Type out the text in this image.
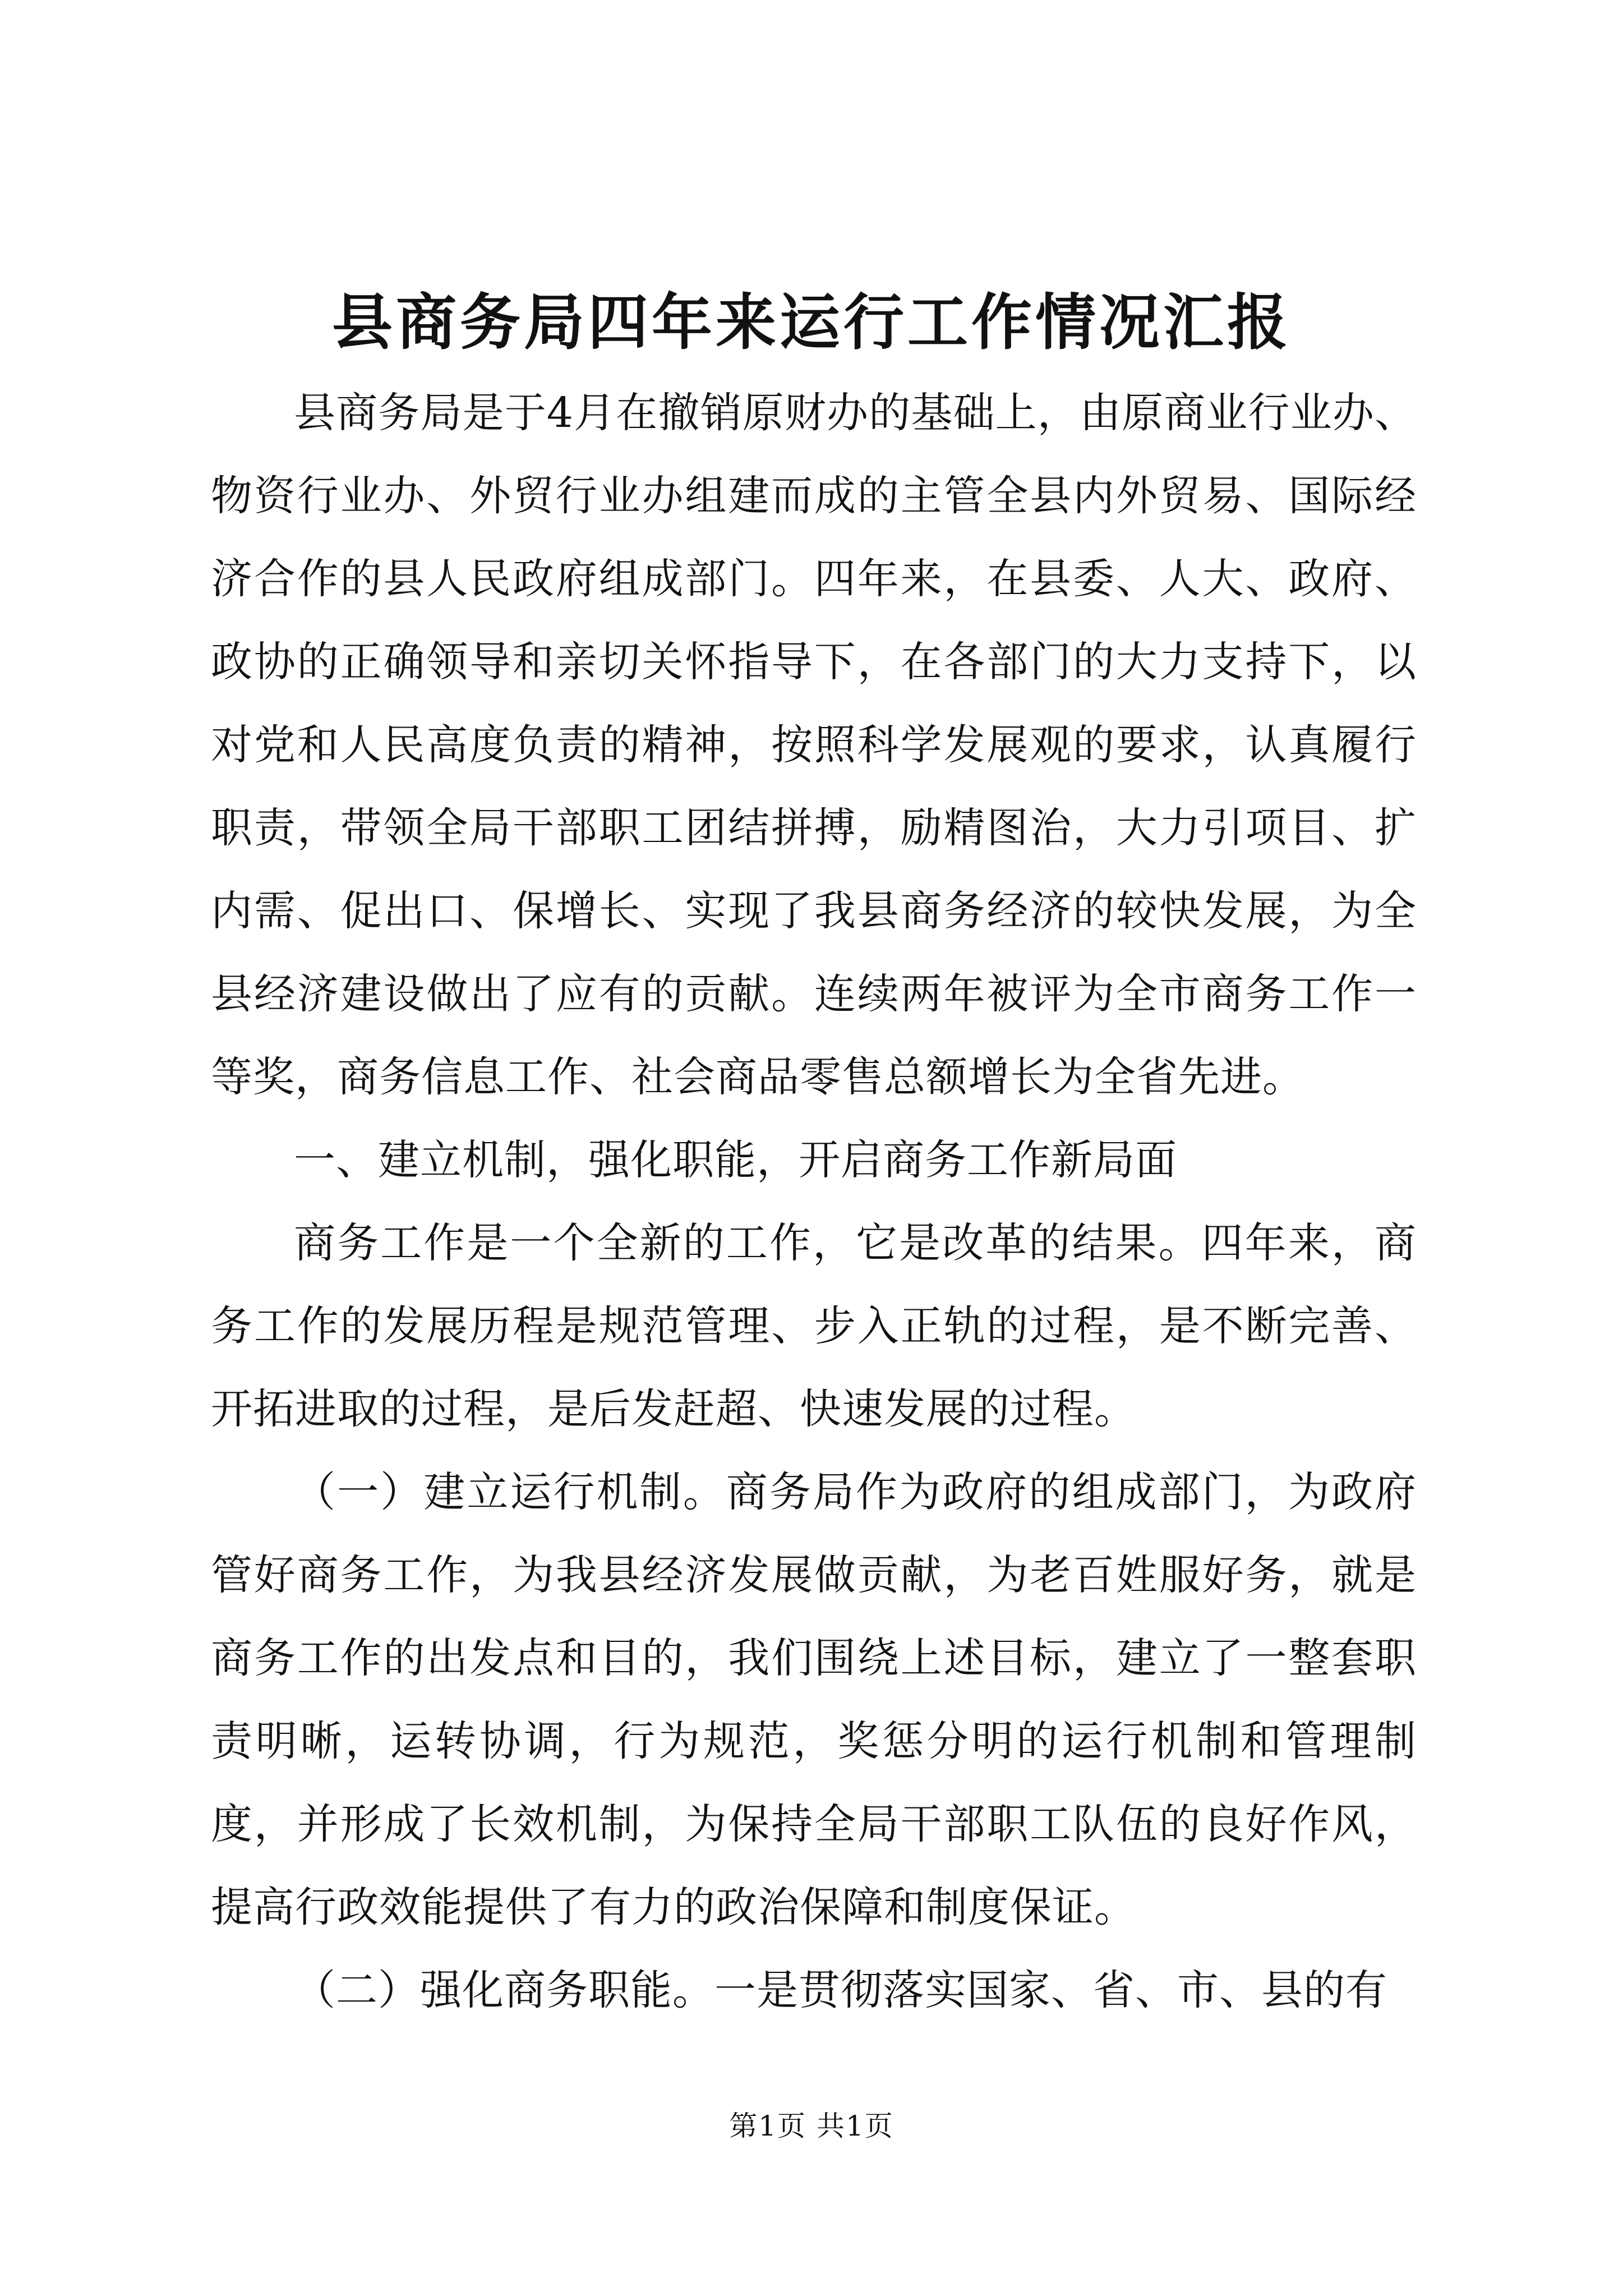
县商务局四年来运行工作情况汇报

县商务局是于4月在撤销原财办的基础上，由原商业行业办、物资行业办、外贸行业办组建而成的主管全县内外贸易、国际经济合作的县人民政府组成部门。四年来，在县委、人大、政府、政协的正确领导和亲切关怀指导下，在各部门的大力支持下，以对党和人民高度负责的精神，按照科学发展观的要求，认真履行职责，带领全局干部职工团结拼搏，励精图治，大力引项目、扩内需、促出口、保增长、实现了我县商务经济的较快发展，为全县经济建设做出了应有的贡献。连续两年被评为全市商务工作一等奖，商务信息工作、社会商品零售总额增长为全省先进。

一、建立机制，强化职能，开启商务工作新局面

商务工作是一个全新的工作，它是改革的结果。四年来，商务工作的发展历程是规范管理、步入正轨的过程，是不断完善、开拓进取的过程，是后发赶超、快速发展的过程。

（一）建立运行机制。商务局作为政府的组成部门，为政府管好商务工作，为我县经济发展做贡献，为老百姓服好务，就是商务工作的出发点和目的，我们围绕上述目标，建立了一整套职责明晰，运转协调，行为规范，奖惩分明的运行机制和管理制度，并形成了长效机制，为保持全局干部职工队伍的良好作风，提高行政效能提供了有力的政治保障和制度保证。

（二）强化商务职能。一是贯彻落实国家、省、市、县的有

第1页 共1页
